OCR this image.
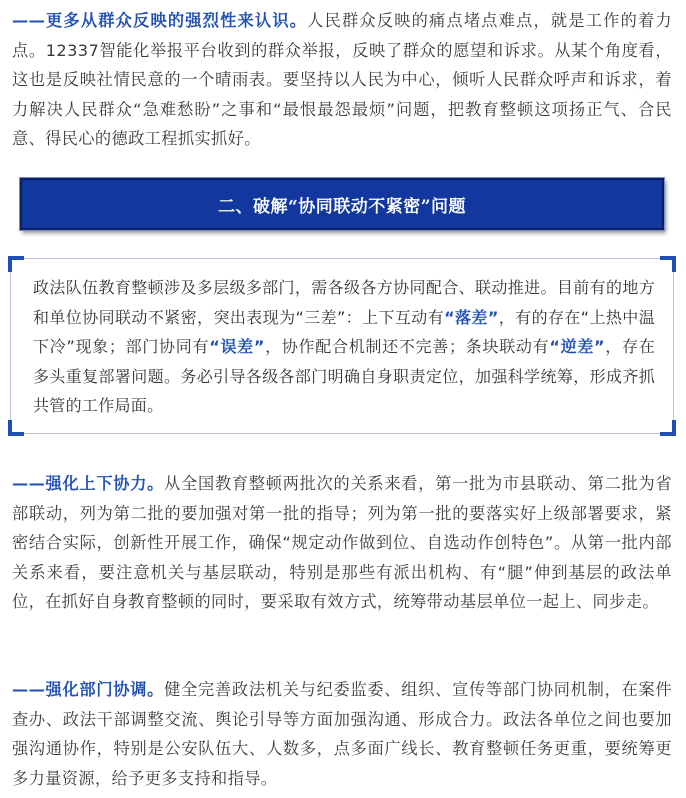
——更多从群众反映的强烈性来认识。人民群众反映的痛点堵点难点，就是工作的着力点。12337智能化举报平台收到的群众举报，反映了群众的愿望和诉求。从某个角度看，这也是反映社情民意的一个晴雨表。要坚持以人民为中心，倾听人民群众呼声和诉求，着力解决人民群众“急难愁盼”之事和“最恨最怨最烦”问题，把教育整顿这项扬正气、合民意、得民心的德政工程抓实抓好。

二、破解“协同联动不紧密”问题

政法队伍教育整顿涉及多层级多部门，需各级各方协同配合、联动推进。目前有的地方和单位协同联动不紧密，突出表现为“三差”：上下互动有“落差”，有的存在“上热中温下冷”现象；部门协同有“误差”，协作配合机制还不完善；条块联动有“逆差”，存在多头重复部署问题。务必引导各级各部门明确自身职责定位，加强科学统筹，形成齐抓共管的工作局面。

——强化上下协力。从全国教育整顿两批次的关系来看，第一批为市县联动、第二批为省部联动，列为第二批的要加强对第一批的指导；列为第一批的要落实好上级部署要求，紧密结合实际，创新性开展工作，确保“规定动作做到位、自选动作创特色”。从第一批内部关系来看，要注意机关与基层联动，特别是那些有派出机构、有“腿”伸到基层的政法单位，在抓好自身教育整顿的同时，要采取有效方式，统筹带动基层单位一起上、同步走。

——强化部门协调。健全完善政法机关与纪委监委、组织、宣传等部门协同机制，在案件查办、政法干部调整交流、舆论引导等方面加强沟通、形成合力。政法各单位之间也要加强沟通协作，特别是公安队伍大、人数多，点多面广线长、教育整顿任务更重，要统筹更多力量资源，给予更多支持和指导。
